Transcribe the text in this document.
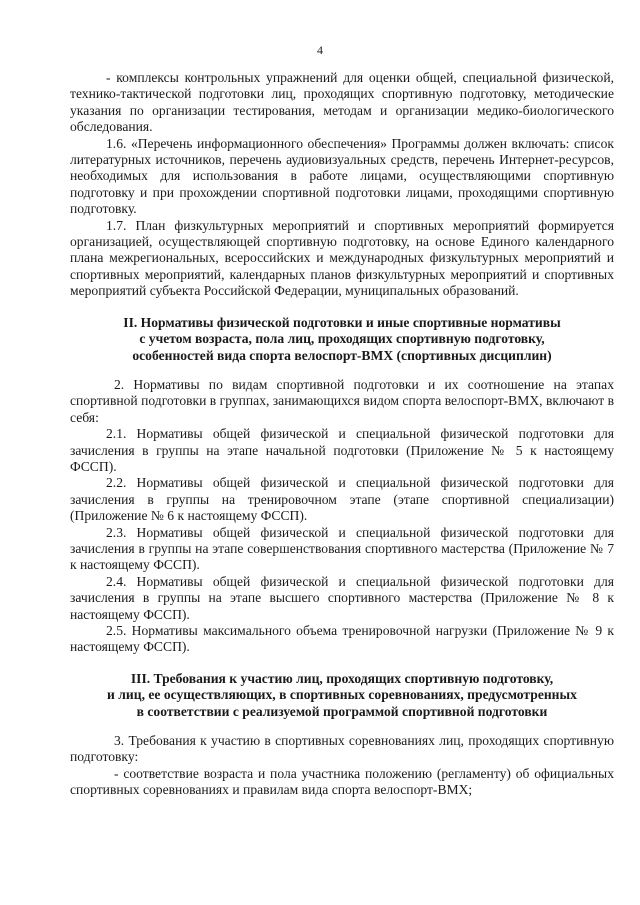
4

- комплексы контрольных упражнений для оценки общей, специальной физической, технико-тактической подготовки лиц, проходящих спортивную подготовку, методические указания по организации тестирования, методам и организации медико-биологического обследования.

1.6. «Перечень информационного обеспечения» Программы должен включать: список литературных источников, перечень аудиовизуальных средств, перечень Интернет-ресурсов, необходимых для использования в работе лицами, осуществляющими спортивную подготовку и при прохождении спортивной подготовки лицами, проходящими спортивную подготовку.

1.7. План физкультурных мероприятий и спортивных мероприятий формируется организацией, осуществляющей спортивную подготовку, на основе Единого календарного плана межрегиональных, всероссийских и международных физкультурных мероприятий и спортивных мероприятий, календарных планов физкультурных мероприятий и спортивных мероприятий субъекта Российской Федерации, муниципальных образований.

II. Нормативы физической подготовки и иные спортивные нормативы

с учетом возраста, пола лиц, проходящих спортивную подготовку,

особенностей вида спорта велоспорт-BMX (спортивных дисциплин)

2. Нормативы по видам спортивной подготовки и их соотношение на этапах спортивной подготовки в группах, занимающихся видом спорта велоспорт-BMX, включают в себя:

2.1. Нормативы общей физической и специальной физической подготовки для зачисления в группы на этапе начальной подготовки (Приложение № 5 к настоящему ФССП).

2.2. Нормативы общей физической и специальной физической подготовки для зачисления в группы на тренировочном этапе (этапе спортивной специализации) (Приложение № 6 к настоящему ФССП).

2.3. Нормативы общей физической и специальной физической подготовки для зачисления в группы на этапе совершенствования спортивного мастерства (Приложение № 7 к настоящему ФССП).

2.4. Нормативы общей физической и специальной физической подготовки для зачисления в группы на этапе высшего спортивного мастерства (Приложение № 8 к настоящему ФССП).

2.5. Нормативы максимального объема тренировочной нагрузки (Приложение № 9 к настоящему ФССП).

III. Требования к участию лиц, проходящих спортивную подготовку,

и лиц, ее осуществляющих, в спортивных соревнованиях, предусмотренных

в соответствии с реализуемой программой спортивной подготовки

3. Требования к участию в спортивных соревнованиях лиц, проходящих спортивную подготовку:

- соответствие возраста и пола участника положению (регламенту) об официальных спортивных соревнованиях и правилам вида спорта велоспорт-BMX;
